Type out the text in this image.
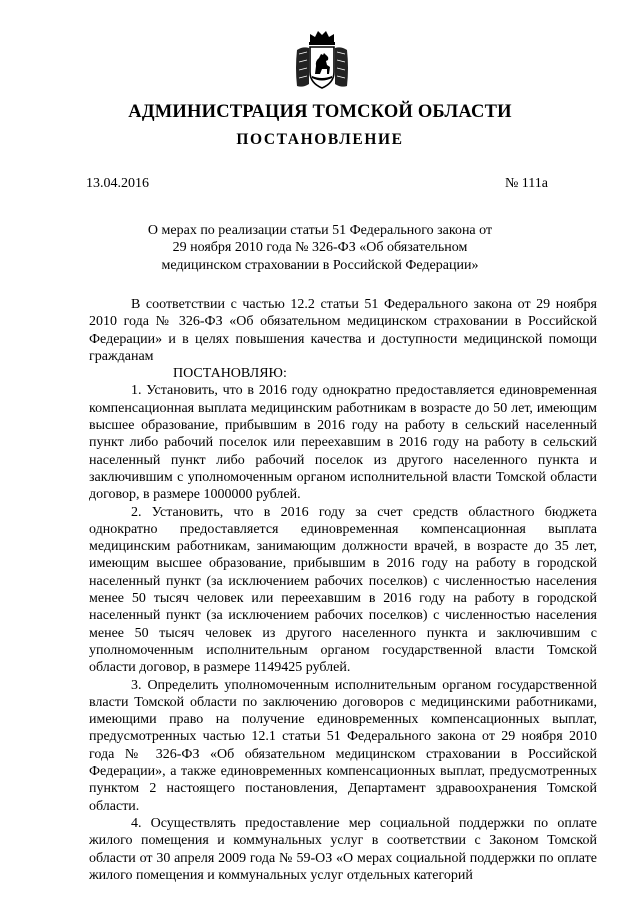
АДМИНИСТРАЦИЯ ТОМСКОЙ ОБЛАСТИ
ПОСТАНОВЛЕНИЕ
13.04.2016	№ 111а
О мерах по реализации статьи 51 Федерального закона от 29 ноября 2010 года № 326-ФЗ «Об обязательном медицинском страховании в Российской Федерации»

В соответствии с частью 12.2 статьи 51 Федерального закона от 29 ноября 2010 года № 326-ФЗ «Об обязательном медицинском страховании в Российской Федерации» и в целях повышения качества и доступности медицинской помощи гражданам

ПОСТАНОВЛЯЮ:

1. Установить, что в 2016 году однократно предоставляется единовременная компенсационная выплата медицинским работникам в возрасте до 50 лет, имеющим высшее образование, прибывшим в 2016 году на работу в сельский населенный пункт либо рабочий поселок или переехавшим в 2016 году на работу в сельский населенный пункт либо рабочий поселок из другого населенного пункта и заключившим с уполномоченным органом исполнительной власти Томской области договор, в размере 1000000 рублей.

2. Установить, что в 2016 году за счет средств областного бюджета однократно предоставляется единовременная компенсационная выплата медицинским работникам, занимающим должности врачей, в возрасте до 35 лет, имеющим высшее образование, прибывшим в 2016 году на работу в городской населенный пункт (за исключением рабочих поселков) с численностью населения менее 50 тысяч человек или переехавшим в 2016 году на работу в городской населенный пункт (за исключением рабочих поселков) с численностью населения менее 50 тысяч человек из другого населенного пункта и заключившим с уполномоченным исполнительным органом государственной власти Томской области договор, в размере 1149425 рублей.

3. Определить уполномоченным исполнительным органом государственной власти Томской области по заключению договоров с медицинскими работниками, имеющими право на получение единовременных компенсационных выплат, предусмотренных частью 12.1 статьи 51 Федерального закона от 29 ноября 2010 года № 326-ФЗ «Об обязательном медицинском страховании в Российской Федерации», а также единовременных компенсационных выплат, предусмотренных пунктом 2 настоящего постановления, Департамент здравоохранения Томской области.

4. Осуществлять предоставление мер социальной поддержки по оплате жилого помещения и коммунальных услуг в соответствии с Законом Томской области от 30 апреля 2009 года № 59-ОЗ «О мерах социальной поддержки по оплате жилого помещения и коммунальных услуг отдельных категорий
